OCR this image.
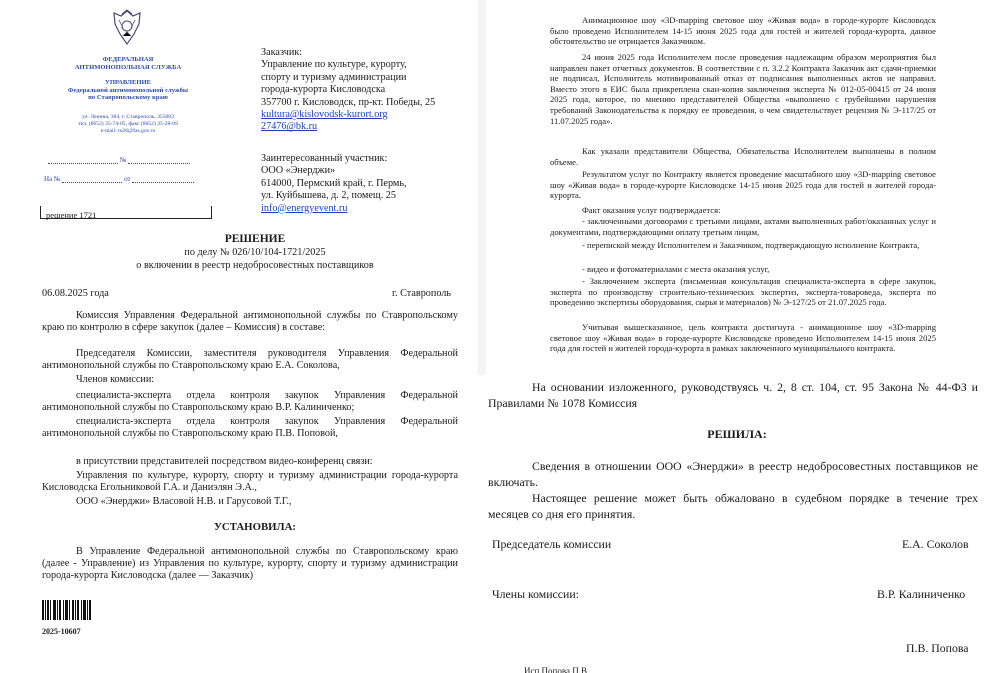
ФЕДЕРАЛЬНАЯ
АНТИМОНОПОЛЬНАЯ СЛУЖБА
УПРАВЛЕНИЕ
Федеральной антимонопольной службы
по Ставропольскому краю
ул. Ленина, 384, г. Ставрополь, 355003
тел. (8652) 35-74-05, факс (8652) 35-28-09
e-mail: to26@fas.gov.ru
№
На №	от
решение 1721
Заказчик:
Управление по культуре, курорту,
спорту и туризму администрации
города-курорта Кисловодска
357700 г. Кисловодск, пр-кт. Победы, 25
kultura@kislovodsk-kurort.org
27476@bk.ru
Заинтересованный участник:
ООО «Энерджи»
614000, Пермский край, г. Пермь,
ул. Куйбышева, д. 2, помещ. 25
info@energyevent.ru
РЕШЕНИЕ
по делу № 026/10/104-1721/2025
о включении в реестр недобросовестных поставщиков
06.08.2025 года	г. Ставрополь
Комиссия Управления Федеральной антимонопольной службы по Ставропольскому краю по контролю в сфере закупок (далее – Комиссия) в составе:
Председателя Комиссии, заместителя руководителя Управления Федеральной антимонопольной службы по Ставропольскому краю Е.А. Соколова,
Членов комиссии:
специалиста-эксперта отдела контроля закупок Управления Федеральной антимонопольной службы по Ставропольскому краю В.Р. Калиниченко;
специалиста-эксперта отдела контроля закупок Управления Федеральной антимонопольной службы по Ставропольскому краю П.В. Поповой,
в присутствии представителей посредством видео-конференц связи:
Управления по культуре, курорту, спорту и туризму администрации города-курорта Кисловодска Егольниковой Г.А. и Даниэлян Э.А.,
ООО «Энерджи» Власовой Н.В. и Гарусовой Т.Г.,
УСТАНОВИЛА:
В Управление Федеральной антимонопольной службы по Ставропольскому краю (далее - Управление) из Управления по культуре, курорту, спорту и туризму администрации города-курорта Кисловодска (далее — Заказчик)
2025-10607
Анимационное шоу «3D-mapping световое шоу «Живая вода» в городе-курорте Кисловодск было проведено Исполнителем 14-15 июня 2025 года для гостей и жителей города-курорта, данное обстоятельство не отрицается Заказчиком.
24 июня 2025 года Исполнителем после проведения надлежащим образом мероприятия был направлен пакет отчетных документов. В соответствии с п. 3.2.2 Контракта Заказчик акт сдачи-приемки не подписал, Исполнитель мотивированный отказ от подписания выполненных актов не направил. Вместо этого в ЕИС была прикреплена скан-копия заключения эксперта № 012-05-00415 от 24 июня 2025 года, которое, по мнению представителей Общества «выполнено с грубейшими нарушения требований Законодательства к порядку ее проведения, о чем свидетельствует рецензия № Э-117/25 от 11.07.2025 года».
Как указали представители Общества, Обязательства Исполнителем выполнены в полном объеме.
Результатом услуг по Контракту является проведение масштабного шоу «3D-mapping световое шоу «Живая вода» в городе-курорте Кисловодске 14-15 июня 2025 года для гостей и жителей города-курорта.
Факт оказания услуг подтверждается:
- заключенными договорами с третьими лицами, актами выполненных работ/оказанных услуг и документами, подтверждающими оплату третьим лицам,
- перепиской между Исполнителем и Заказчиком, подтверждающую исполнение Контракта,
- видео и фотоматериалами с места оказания услуг,
- Заключением эксперта (письменная консультация специалиста-эксперта в сфере закупок, эксперта по производству строительно-технических экспертиз, эксперта-товароведа, эксперта по проведению экспертизы оборудования, сырья и материалов) № Э-127/25 от 21.07.2025 года.
Учитывая вышесказанное, цель контракта достигнута - анимационное шоу «3D-mapping световое шоу «Живая вода» в городе-курорте Кисловодске проведено Исполнителем 14-15 июня 2025 года для гостей и жителей города-курорта в рамках заключенного муниципального контракта.
На основании изложенного, руководствуясь ч. 2, 8 ст. 104, ст. 95 Закона № 44-ФЗ и Правилами № 1078 Комиссия
РЕШИЛА:
Сведения в отношении ООО «Энерджи» в реестр недобросовестных поставщиков не включать.
Настоящее решение может быть обжаловано в судебном порядке в течение трех месяцев со дня его принятия.
Председатель комиссии	Е.А. Соколов
Члены комиссии:	В.Р. Калиниченко
П.В. Попова
Исп.Попова П.В.
